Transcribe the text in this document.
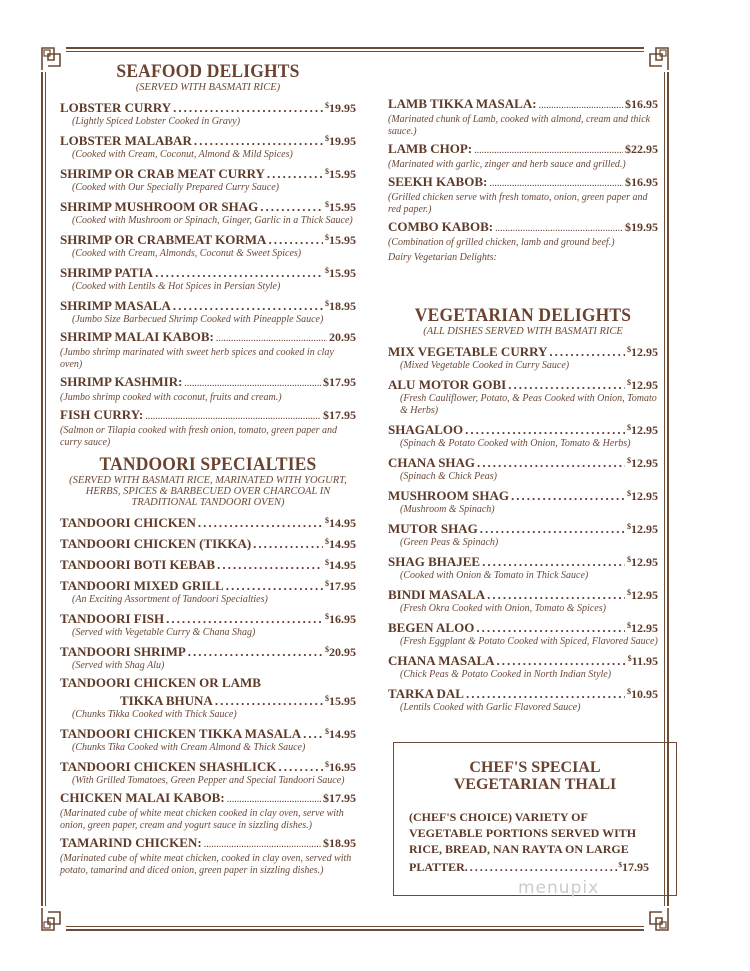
SEAFOOD DELIGHTS
(SERVED WITH BASMATI RICE)
LOBSTER CURRY .....	$19.95
(Lightly Spiced Lobster Cooked in Gravy)
LOBSTER MALABAR .....	$19.95
(Cooked with Cream, Coconut, Almond & Mild Spices)
SHRIMP OR CRAB MEAT CURRY .....	$15.95
(Cooked with Our Specially Prepared Curry Sauce)
SHRIMP MUSHROOM OR SHAG .....	$15.95
(Cooked with Mushroom or Spinach, Ginger, Garlic in a Thick Sauce)
SHRIMP OR CRABMEAT KORMA .....	$15.95
(Cooked with Cream, Almonds, Coconut & Sweet Spices)
SHRIMP PATIA .....	$15.95
(Cooked with Lentils & Hot Spices in Persian Style)
SHRIMP MASALA .....	$18.95
(Jumbo Size Barbecued Shrimp Cooked with Pineapple Sauce)
SHRIMP MALAI KABOB: .....	20.95
(Jumbo shrimp marinated with sweet herb spices and cooked in clay oven)
SHRIMP KASHMIR: .....	$17.95
(Jumbo shrimp cooked with coconut, fruits and cream.)
FISH CURRY: .....	$17.95
(Salmon or Tilapia cooked with fresh onion, tomato, green paper and curry sauce)
TANDOORI SPECIALTIES
(SERVED WITH BASMATI RICE, MARINATED WITH YOGURT, HERBS, SPICES & BARBECUED OVER CHARCOAL IN TRADITIONAL TANDOORI OVEN)
TANDOORI CHICKEN .....	$14.95
TANDOORI CHICKEN (TIKKA) .....	$14.95
TANDOORI BOTI KEBAB .....	$14.95
TANDOORI MIXED GRILL .....	$17.95
(An Exciting Assortment of Tandoori Specialties)
TANDOORI FISH .....	$16.95
(Served with Vegetable Curry & Chana Shag)
TANDOORI SHRIMP .....	$20.95
(Served with Shag Alu)
TANDOORI CHICKEN OR LAMB
TIKKA BHUNA .....	$15.95
(Chunks Tikka Cooked with Thick Sauce)
TANDOORI CHICKEN TIKKA MASALA .....	$14.95
(Chunks Tika Cooked with Cream Almond & Thick Sauce)
TANDOORI CHICKEN SHASHLICK .....	$16.95
(With Grilled Tomatoes, Green Pepper and Special Tandoori Sauce)
CHICKEN MALAI KABOB: .....	$17.95
(Marinated cube of white meat chicken cooked in clay oven, serve with onion, green paper, cream and yogurt sauce in sizzling dishes.)
TAMARIND CHICKEN: .....	$18.95
(Marinated cube of white meat chicken, cooked in clay oven, served with potato, tamarind and diced onion, green paper in sizzling dishes.)
LAMB TIKKA MASALA: .....	$16.95
(Marinated chunk of Lamb, cooked with almond, cream and thick sauce.)
LAMB CHOP: .....	$22.95
(Marinated with garlic, zinger and herb sauce and grilled.)
SEEKH KABOB: .....	$16.95
(Grilled chicken serve with fresh tomato, onion, green paper and red paper.)
COMBO KABOB: .....	$19.95
(Combination of grilled chicken, lamb and ground beef.)
Dairy Vegetarian Delights:
VEGETARIAN DELIGHTS
(ALL DISHES SERVED WITH BASMATI RICE
MIX VEGETABLE CURRY .....	$12.95
(Mixed Vegetable Cooked in Curry Sauce)
ALU MOTOR GOBI .....	$12.95
(Fresh Cauliflower, Potato, & Peas Cooked with Onion, Tomato & Herbs)
SHAGALOO .....	$12.95
(Spinach & Potato Cooked with Onion, Tomato & Herbs)
CHANA SHAG .....	$12.95
(Spinach & Chick Peas)
MUSHROOM SHAG .....	$12.95
(Mushroom & Spinach)
MUTOR SHAG .....	$12.95
(Green Peas & Spinach)
SHAG BHAJEE .....	$12.95
(Cooked with Onion & Tomato in Thick Sauce)
BINDI MASALA .....	$12.95
(Fresh Okra Cooked with Onion, Tomato & Spices)
BEGEN ALOO .....	$12.95
(Fresh Eggplant & Potato Cooked with Spiced, Flavored Sauce)
CHANA MASALA .....	$11.95
(Chick Peas & Potato Cooked in North Indian Style)
TARKA DAL .....	$10.95
(Lentils Cooked with Garlic Flavored Sauce)
CHEF'S SPECIAL
VEGETARIAN THALI
(CHEF'S CHOICE) VARIETY OF
VEGETABLE PORTIONS SERVED WITH
RICE, BREAD, NAN RAYTA ON LARGE
PLATTER .....	$17.95
menupix
